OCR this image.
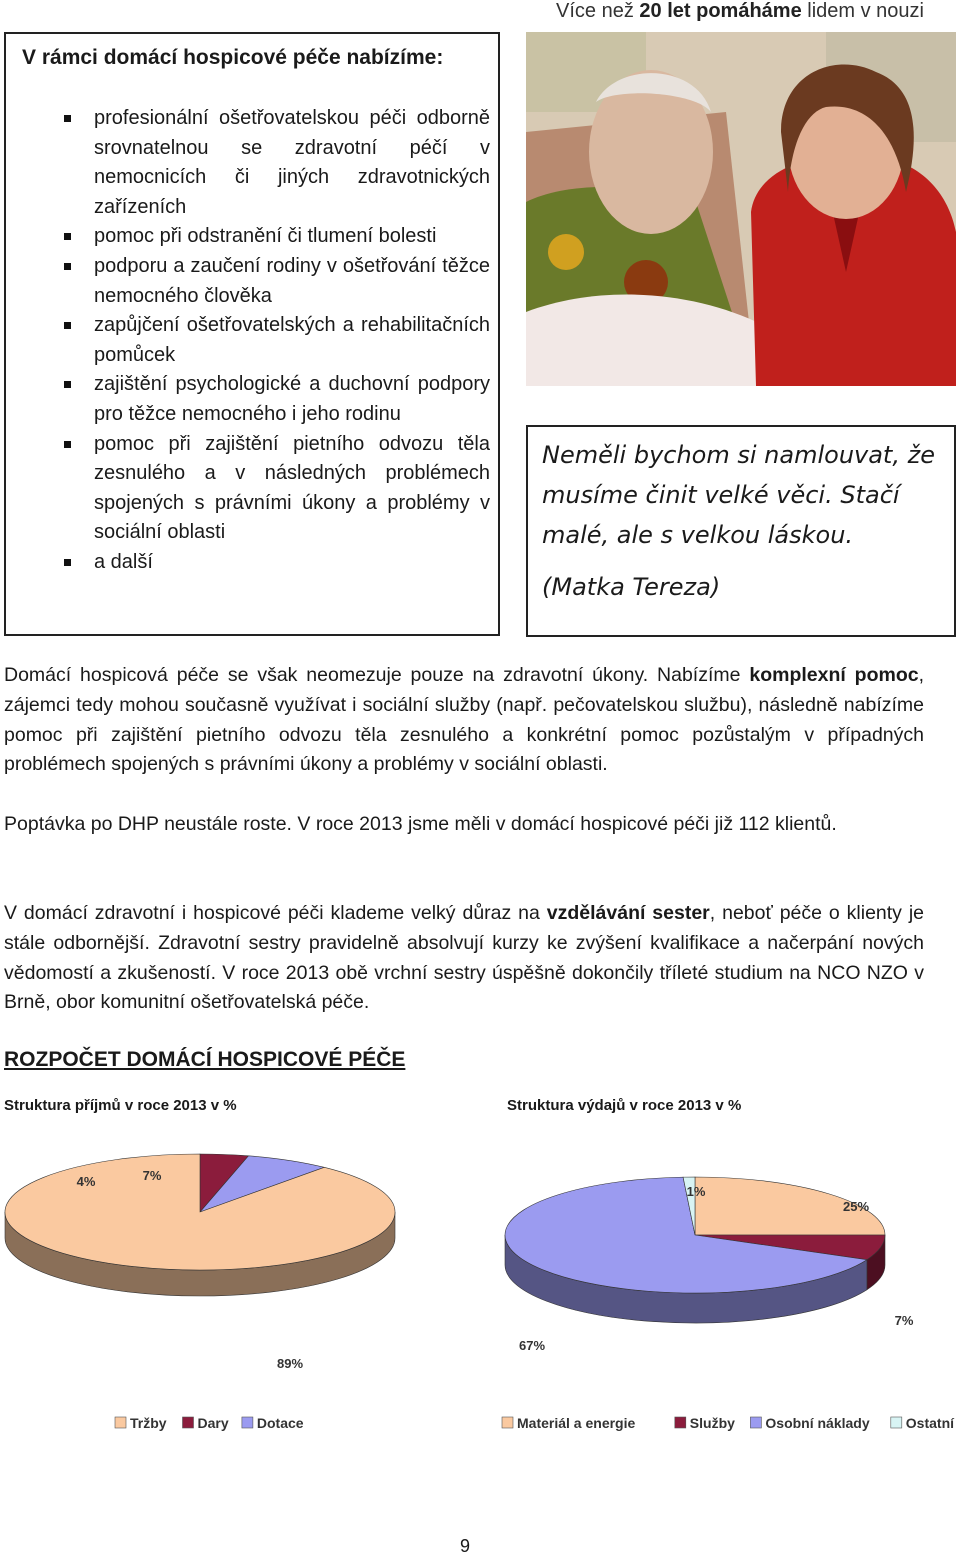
Více než 20 let pomáháme lidem v nouzi
V rámci domácí hospicové péče nabízíme:
profesionální ošetřovatelskou péči odborně srovnatelnou se zdravotní péčí v nemocnicích či jiných zdravotnických zařízeních
pomoc při odstranění či tlumení bolesti
podporu a zaučení rodiny v ošetřování těžce nemocného člověka
zapůjčení ošetřovatelských a rehabilitačních pomůcek
zajištění psychologické a duchovní podpory pro těžce nemocného i jeho rodinu
pomoc při zajištění pietního odvozu těla zesnulého a v následných problémech spojených s právními úkony a problémy v sociální oblasti
a další
Neměli bychom si namlouvat, že musíme činit velké věci. Stačí malé, ale s velkou láskou.
(Matka Tereza)

Domácí hospicová péče se však neomezuje pouze na zdravotní úkony. Nabízíme komplexní pomoc, zájemci tedy mohou současně využívat i sociální služby (např. pečovatelskou službu), následně nabízíme pomoc při zajištění pietního odvozu těla zesnulého a konkrétní pomoc pozůstalým v případných problémech spojených s právními úkony a problémy v sociální oblasti.

Poptávka po DHP neustále roste. V roce 2013 jsme měli v domácí hospicové péči již 112 klientů.

V domácí zdravotní i hospicové péči klademe velký důraz na vzdělávání sester, neboť péče o klienty je stále odbornější. Zdravotní sestry pravidelně absolvují kurzy ke zvýšení kvalifikace a načerpání nových vědomostí a zkušeností. V roce 2013 obě vrchní sestry úspěšně dokončily tříleté studium na NCO NZO v Brně, obor komunitní ošetřovatelská péče.

ROZPOČET DOMÁCÍ HOSPICOVÉ PÉČE
Struktura příjmů v roce 2013 v %	Struktura výdajů v roce 2013 v %
89%
4%	7%
Tržby Dary Dotace
25%
7%
67%
1%
Materiál a energie	Služby Osobní náklady	Ostatní
9
